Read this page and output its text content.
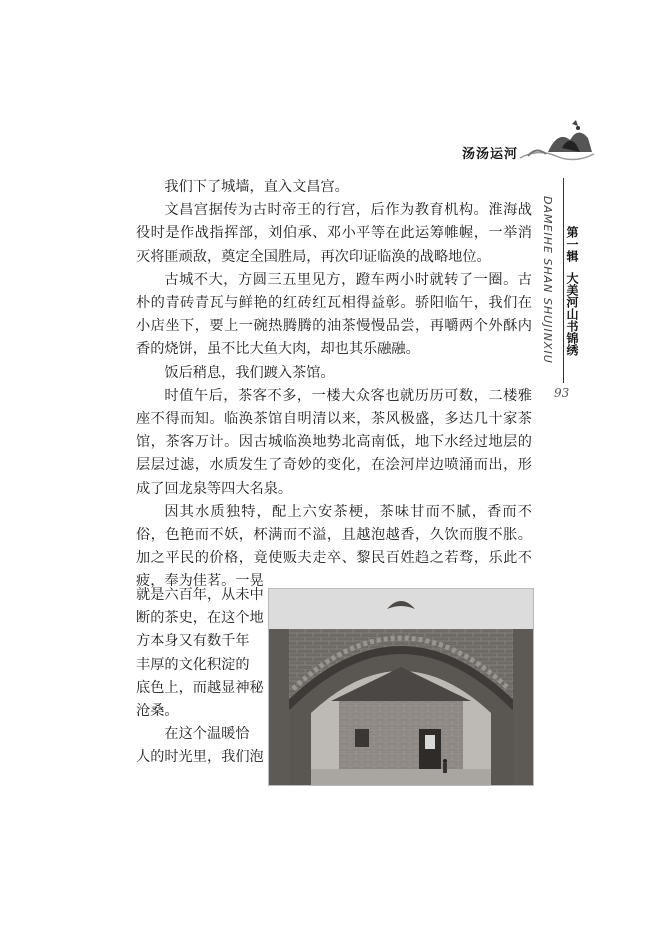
汤汤运河
DAMEIHE SHAN SHUJINXIU 第一辑大美河山书锦绣
93

我们下了城墙，直入文昌宫。

文昌宫据传为古时帝王的行宫，后作为教育机构。淮海战役时是作战指挥部，刘伯承、邓小平等在此运筹帷幄，一举消灭将匪顽敌，奠定全国胜局，再次印证临涣的战略地位。

古城不大，方圆三五里见方，蹬车两小时就转了一圈。古朴的青砖青瓦与鲜艳的红砖红瓦相得益彰。骄阳临午，我们在小店坐下，要上一碗热腾腾的油茶慢慢品尝，再嚼两个外酥内香的烧饼，虽不比大鱼大肉，却也其乐融融。

饭后稍息，我们踱入茶馆。

时值午后，茶客不多，一楼大众客也就历历可数，二楼雅座不得而知。临涣茶馆自明清以来，茶风极盛，多达几十家茶馆，茶客万计。因古城临涣地势北高南低，地下水经过地层的层层过滤，水质发生了奇妙的变化，在浍河岸边喷涌而出，形成了回龙泉等四大名泉。

因其水质独特，配上六安茶梗，茶味甘而不腻，香而不俗，色艳而不妖，杯满而不溢，且越泡越香，久饮而腹不胀。加之平民的价格，竟使贩夫走卒、黎民百姓趋之若骛，乐此不疲，奉为佳茗。一晃

就是六百年，从未中
断的茶史，在这个地
方本身又有数千年
丰厚的文化积淀的
底色上，而越显神秘
沧桑。
在这个温暖恰
人的时光里，我们泡
